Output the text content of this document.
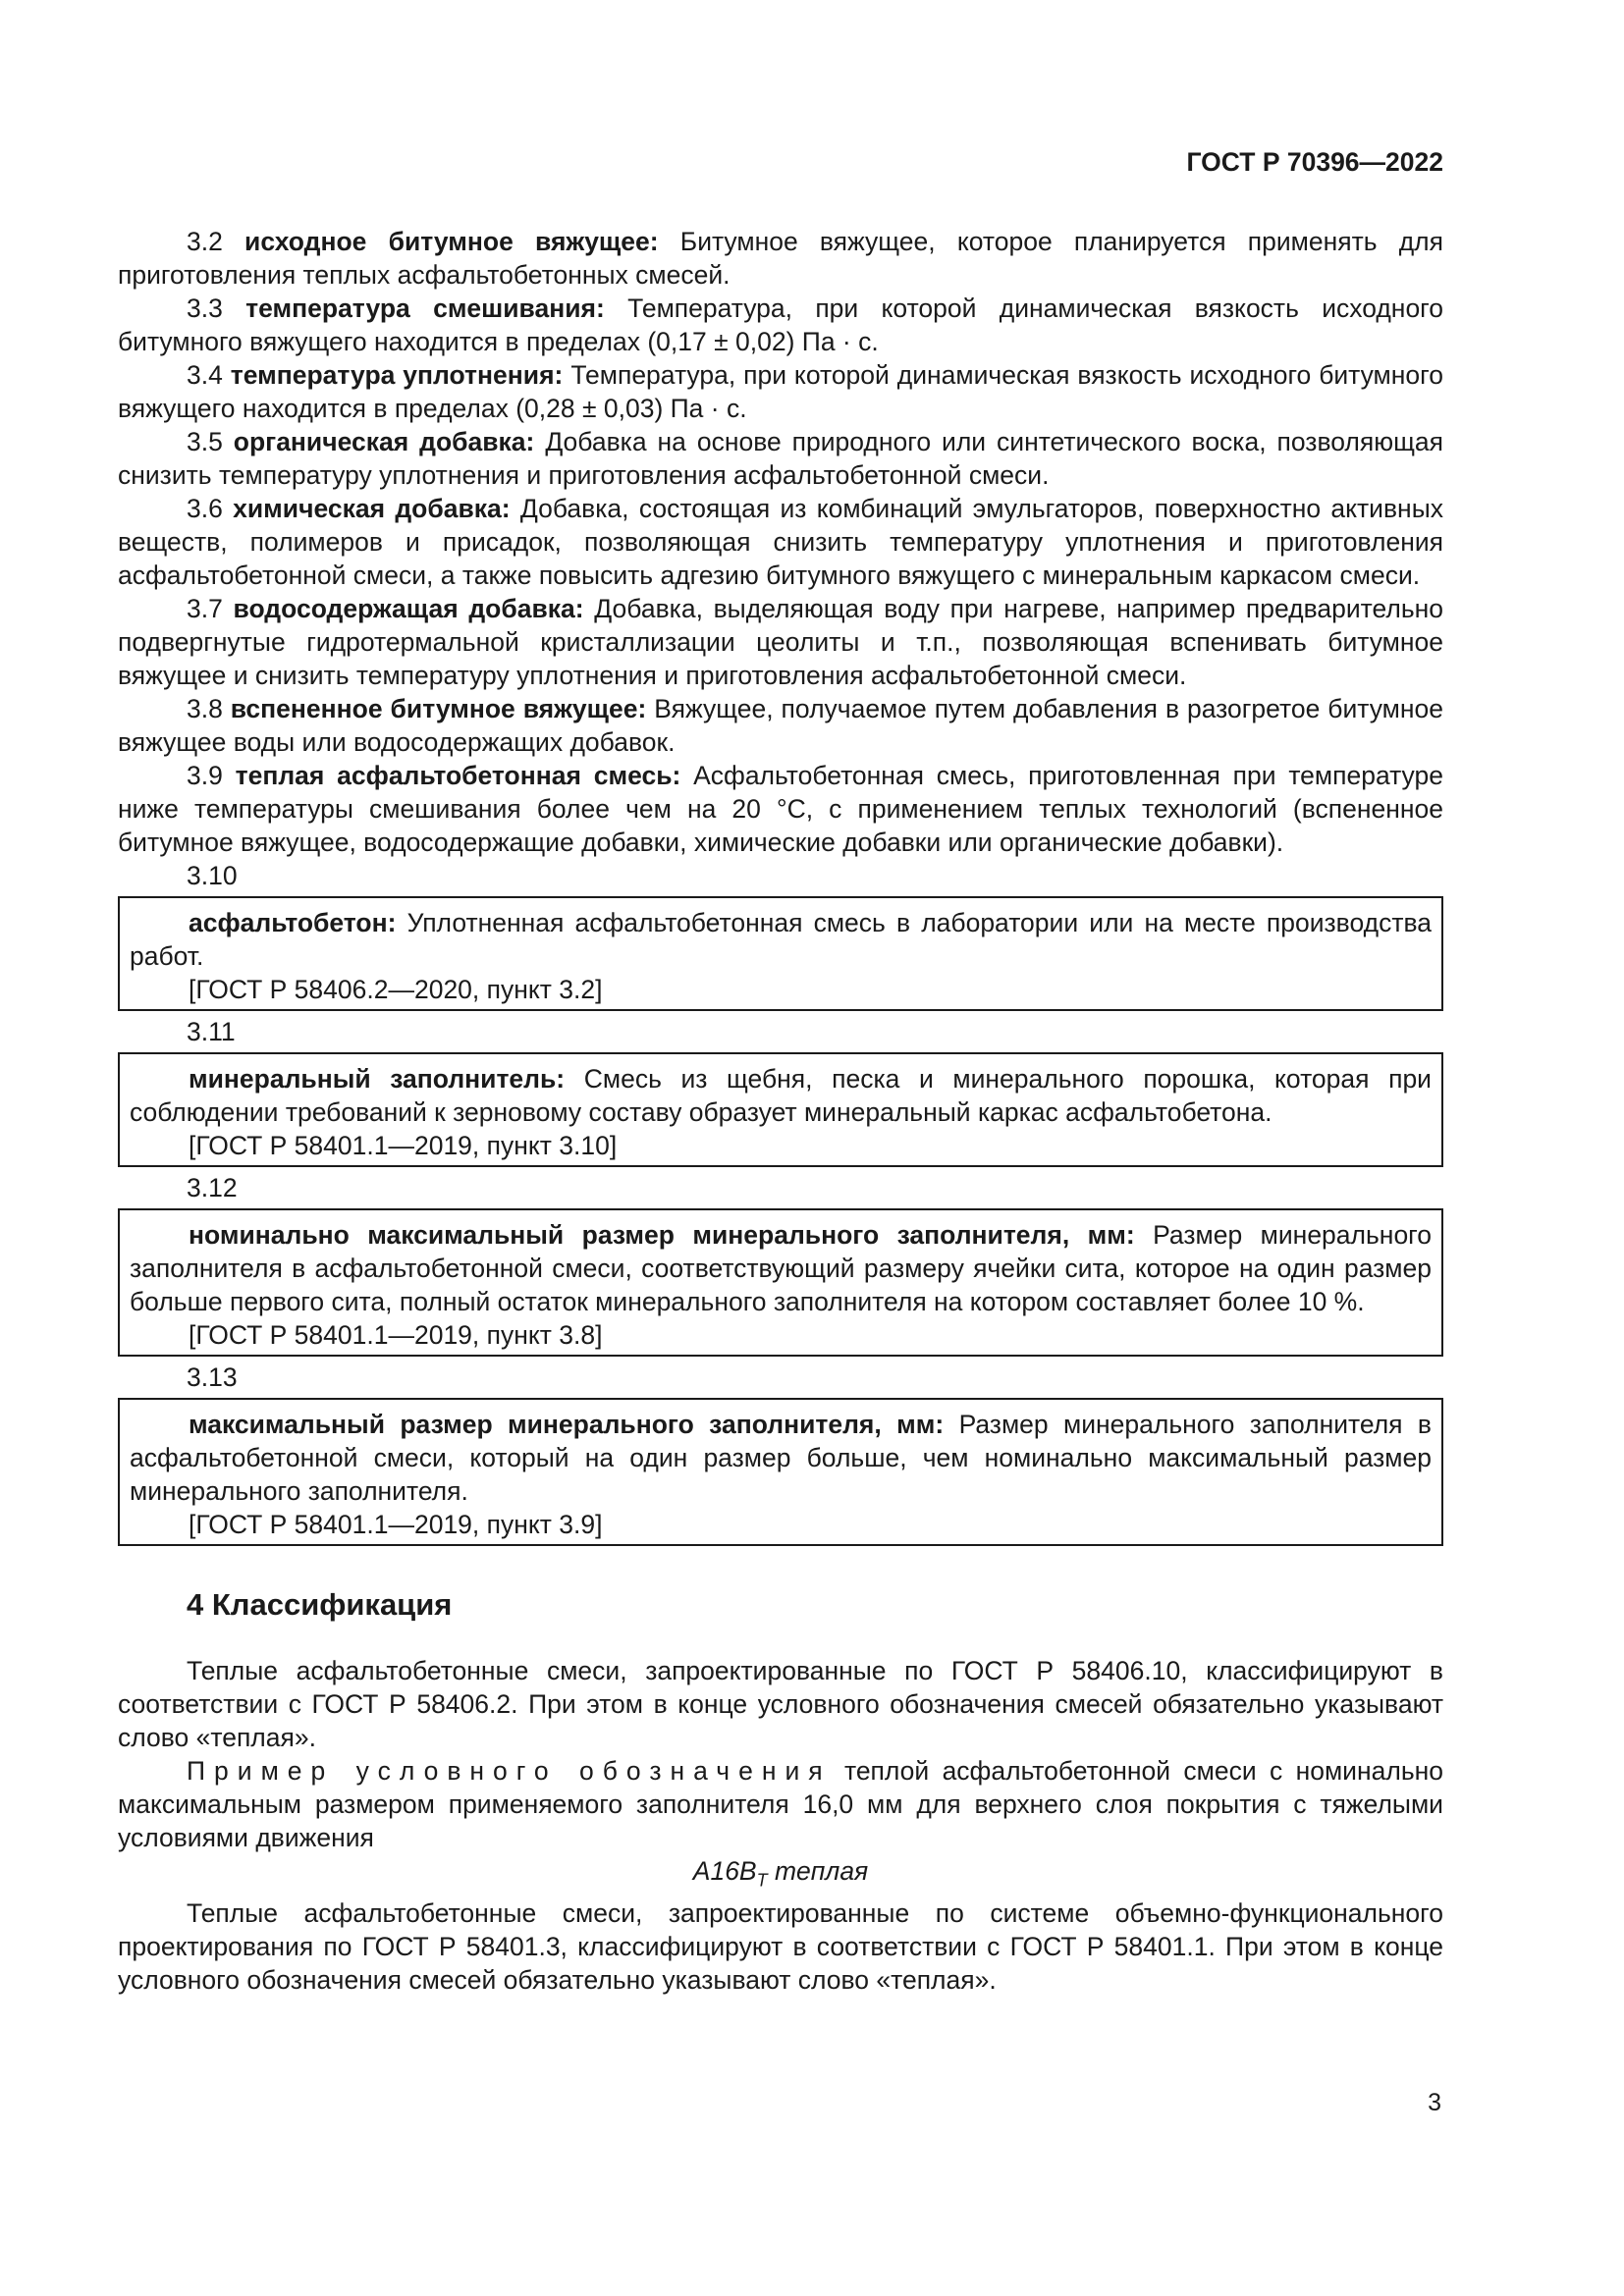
ГОСТ Р 70396—2022

3.2 исходное битумное вяжущее: Битумное вяжущее, которое планируется применять для приготовления теплых асфальтобетонных смесей.

3.3 температура смешивания: Температура, при которой динамическая вязкость исходного битумного вяжущего находится в пределах (0,17 ± 0,02) Па · с.

3.4 температура уплотнения: Температура, при которой динамическая вязкость исходного битумного вяжущего находится в пределах (0,28 ± 0,03) Па · с.

3.5 органическая добавка: Добавка на основе природного или синтетического воска, позволяющая снизить температуру уплотнения и приготовления асфальтобетонной смеси.

3.6 химическая добавка: Добавка, состоящая из комбинаций эмульгаторов, поверхностно активных веществ, полимеров и присадок, позволяющая снизить температуру уплотнения и приготовления асфальтобетонной смеси, а также повысить адгезию битумного вяжущего с минеральным каркасом смеси.

3.7 водосодержащая добавка: Добавка, выделяющая воду при нагреве, например предварительно подвергнутые гидротермальной кристаллизации цеолиты и т.п., позволяющая вспенивать битумное вяжущее и снизить температуру уплотнения и приготовления асфальтобетонной смеси.

3.8 вспененное битумное вяжущее: Вяжущее, получаемое путем добавления в разогретое битумное вяжущее воды или водосодержащих добавок.

3.9 теплая асфальтобетонная смесь: Асфальтобетонная смесь, приготовленная при температуре ниже температуры смешивания более чем на 20 °С, с применением теплых технологий (вспененное битумное вяжущее, водосодержащие добавки, химические добавки или органические добавки).

3.10

асфальтобетон: Уплотненная асфальтобетонная смесь в лаборатории или на месте производства работ.

[ГОСТ Р 58406.2—2020, пункт 3.2]

3.11

минеральный заполнитель: Смесь из щебня, песка и минерального порошка, которая при соблюдении требований к зерновому составу образует минеральный каркас асфальтобетона.

[ГОСТ Р 58401.1—2019, пункт 3.10]

3.12

номинально максимальный размер минерального заполнителя, мм: Размер минерального заполнителя в асфальтобетонной смеси, соответствующий размеру ячейки сита, которое на один размер больше первого сита, полный остаток минерального заполнителя на котором составляет более 10 %.

[ГОСТ Р 58401.1—2019, пункт 3.8]

3.13

максимальный размер минерального заполнителя, мм: Размер минерального заполнителя в асфальтобетонной смеси, который на один размер больше, чем номинально максимальный размер минерального заполнителя.

[ГОСТ Р 58401.1—2019, пункт 3.9]

4 Классификация

Теплые асфальтобетонные смеси, запроектированные по ГОСТ Р 58406.10, классифицируют в соответствии с ГОСТ Р 58406.2. При этом в конце условного обозначения смесей обязательно указывают слово «теплая».

Пример условного обозначения теплой асфальтобетонной смеси с номинально максимальным размером применяемого заполнителя 16,0 мм для верхнего слоя покрытия с тяжелыми условиями движения

$А16В_Т$ теплая

Теплые асфальтобетонные смеси, запроектированные по системе объемно-функционального проектирования по ГОСТ Р 58401.3, классифицируют в соответствии с ГОСТ Р 58401.1. При этом в конце условного обозначения смесей обязательно указывают слово «теплая».

3
